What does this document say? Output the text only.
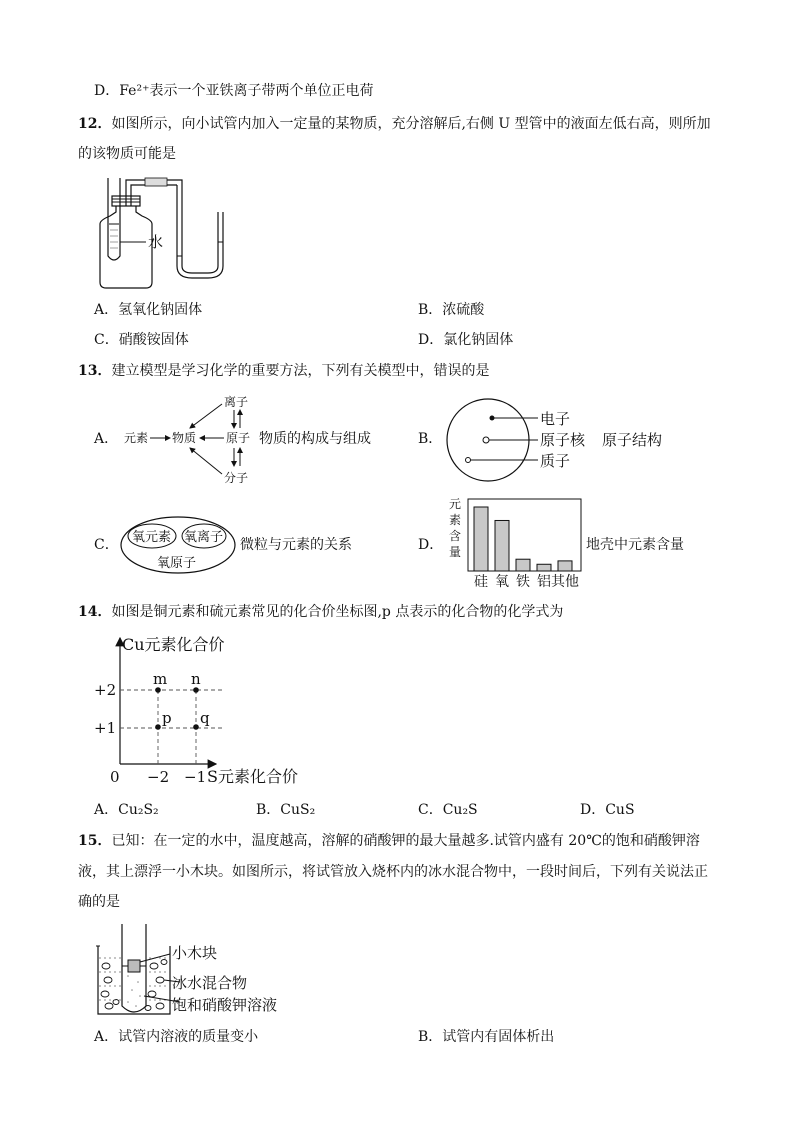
D．Fe²⁺表示一个亚铁离子带两个单位正电荷
12．如图所示，向小试管内加入一定量的某物质，充分溶解后,右侧 U 型管中的液面左低右高，则所加
的该物质可能是
水
A．氢氧化钠固体	B．浓硫酸
C．硝酸铵固体	D．氯化钠固体
13．建立模型是学习化学的重要方法，下列有关模型中，错误的是
A． 元素 物质
离子
原子
分子
物质的构成与组成	B．
电子
原子核 原子结构
质子
C． 氧元素 氧离子
氧原子
微粒与元素的关系	D．
元
素
含
量
硅 氧 铁 铝 其他
地壳中元素含量
14．如图是铜元素和硫元素常见的化合价坐标图,p 点表示的化合物的化学式为
Cu元素化合价
S元素化合价
0
+2
+1
−2 −1
m n
p q
A．Cu₂S₂	B．CuS₂	C．Cu₂S	D．CuS
15．已知：在一定的水中，温度越高，溶解的硝酸钾的最大量越多.试管内盛有 20℃的饱和硝酸钾溶
液，其上漂浮一小木块。如图所示，将试管放入烧杯内的冰水混合物中，一段时间后，下列有关说法正
确的是
小木块
冰水混合物
饱和硝酸钾溶液
A．试管内溶液的质量变小	B．试管内有固体析出
